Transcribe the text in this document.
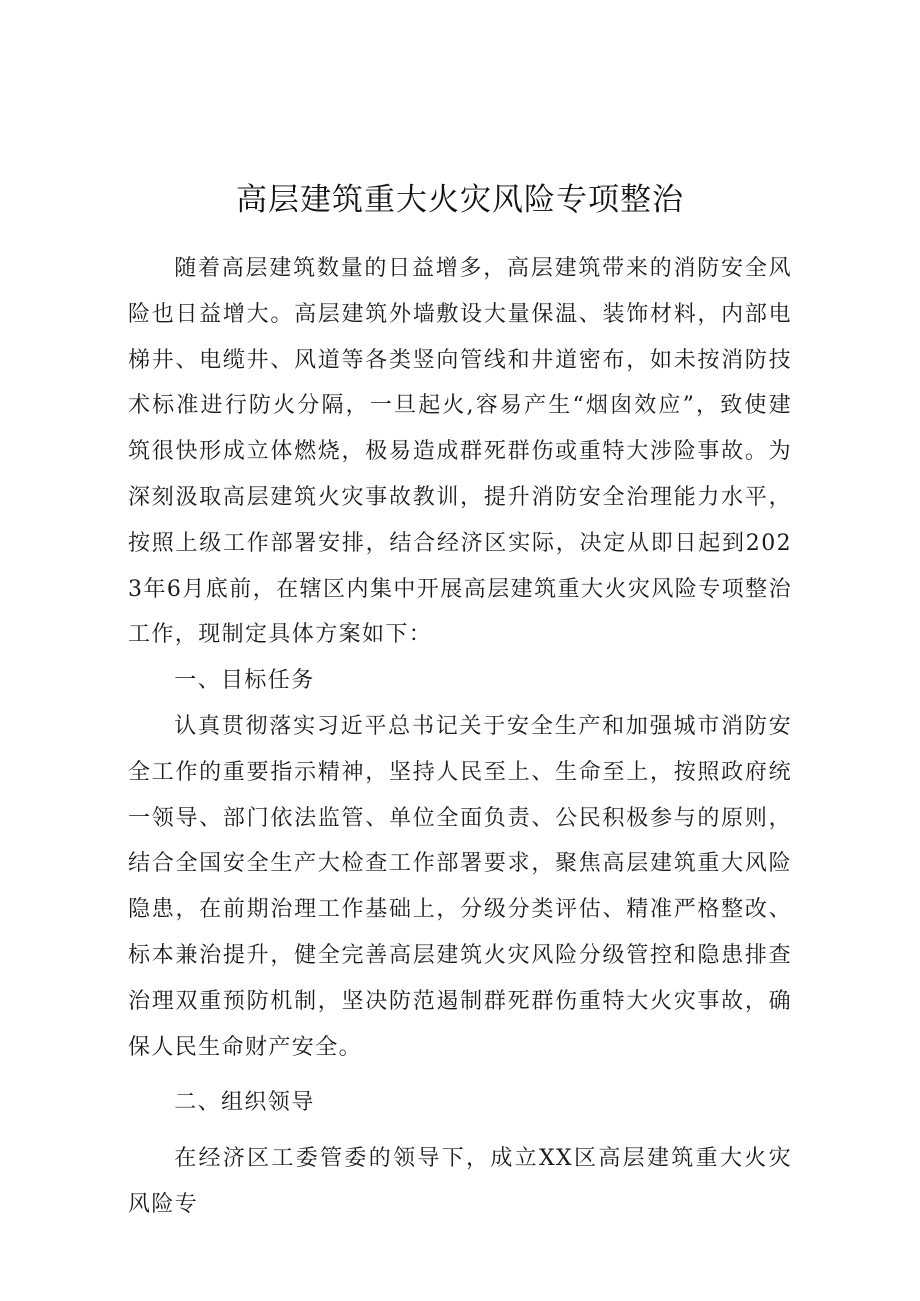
高层建筑重大火灾风险专项整治

随着高层建筑数量的日益增多，高层建筑带来的消防安全风险也日益增大。高层建筑外墙敷设大量保温、装饰材料，内部电梯井、电缆井、风道等各类竖向管线和井道密布，如未按消防技术标准进行防火分隔，一旦起火,容易产生“烟囱效应”，致使建筑很快形成立体燃烧，极易造成群死群伤或重特大涉险事故。为深刻汲取高层建筑火灾事故教训，提升消防安全治理能力水平，按照上级工作部署安排，结合经济区实际，决定从即日起到2023年6月底前，在辖区内集中开展高层建筑重大火灾风险专项整治工作，现制定具体方案如下：

一、目标任务

认真贯彻落实习近平总书记关于安全生产和加强城市消防安全工作的重要指示精神，坚持人民至上、生命至上，按照政府统一领导、部门依法监管、单位全面负责、公民积极参与的原则，结合全国安全生产大检查工作部署要求，聚焦高层建筑重大风险隐患，在前期治理工作基础上，分级分类评估、精准严格整改、标本兼治提升，健全完善高层建筑火灾风险分级管控和隐患排查治理双重预防机制，坚决防范遏制群死群伤重特大火灾事故，确保人民生命财产安全。

二、组织领导

在经济区工委管委的领导下，成立XX区高层建筑重大火灾风险专
